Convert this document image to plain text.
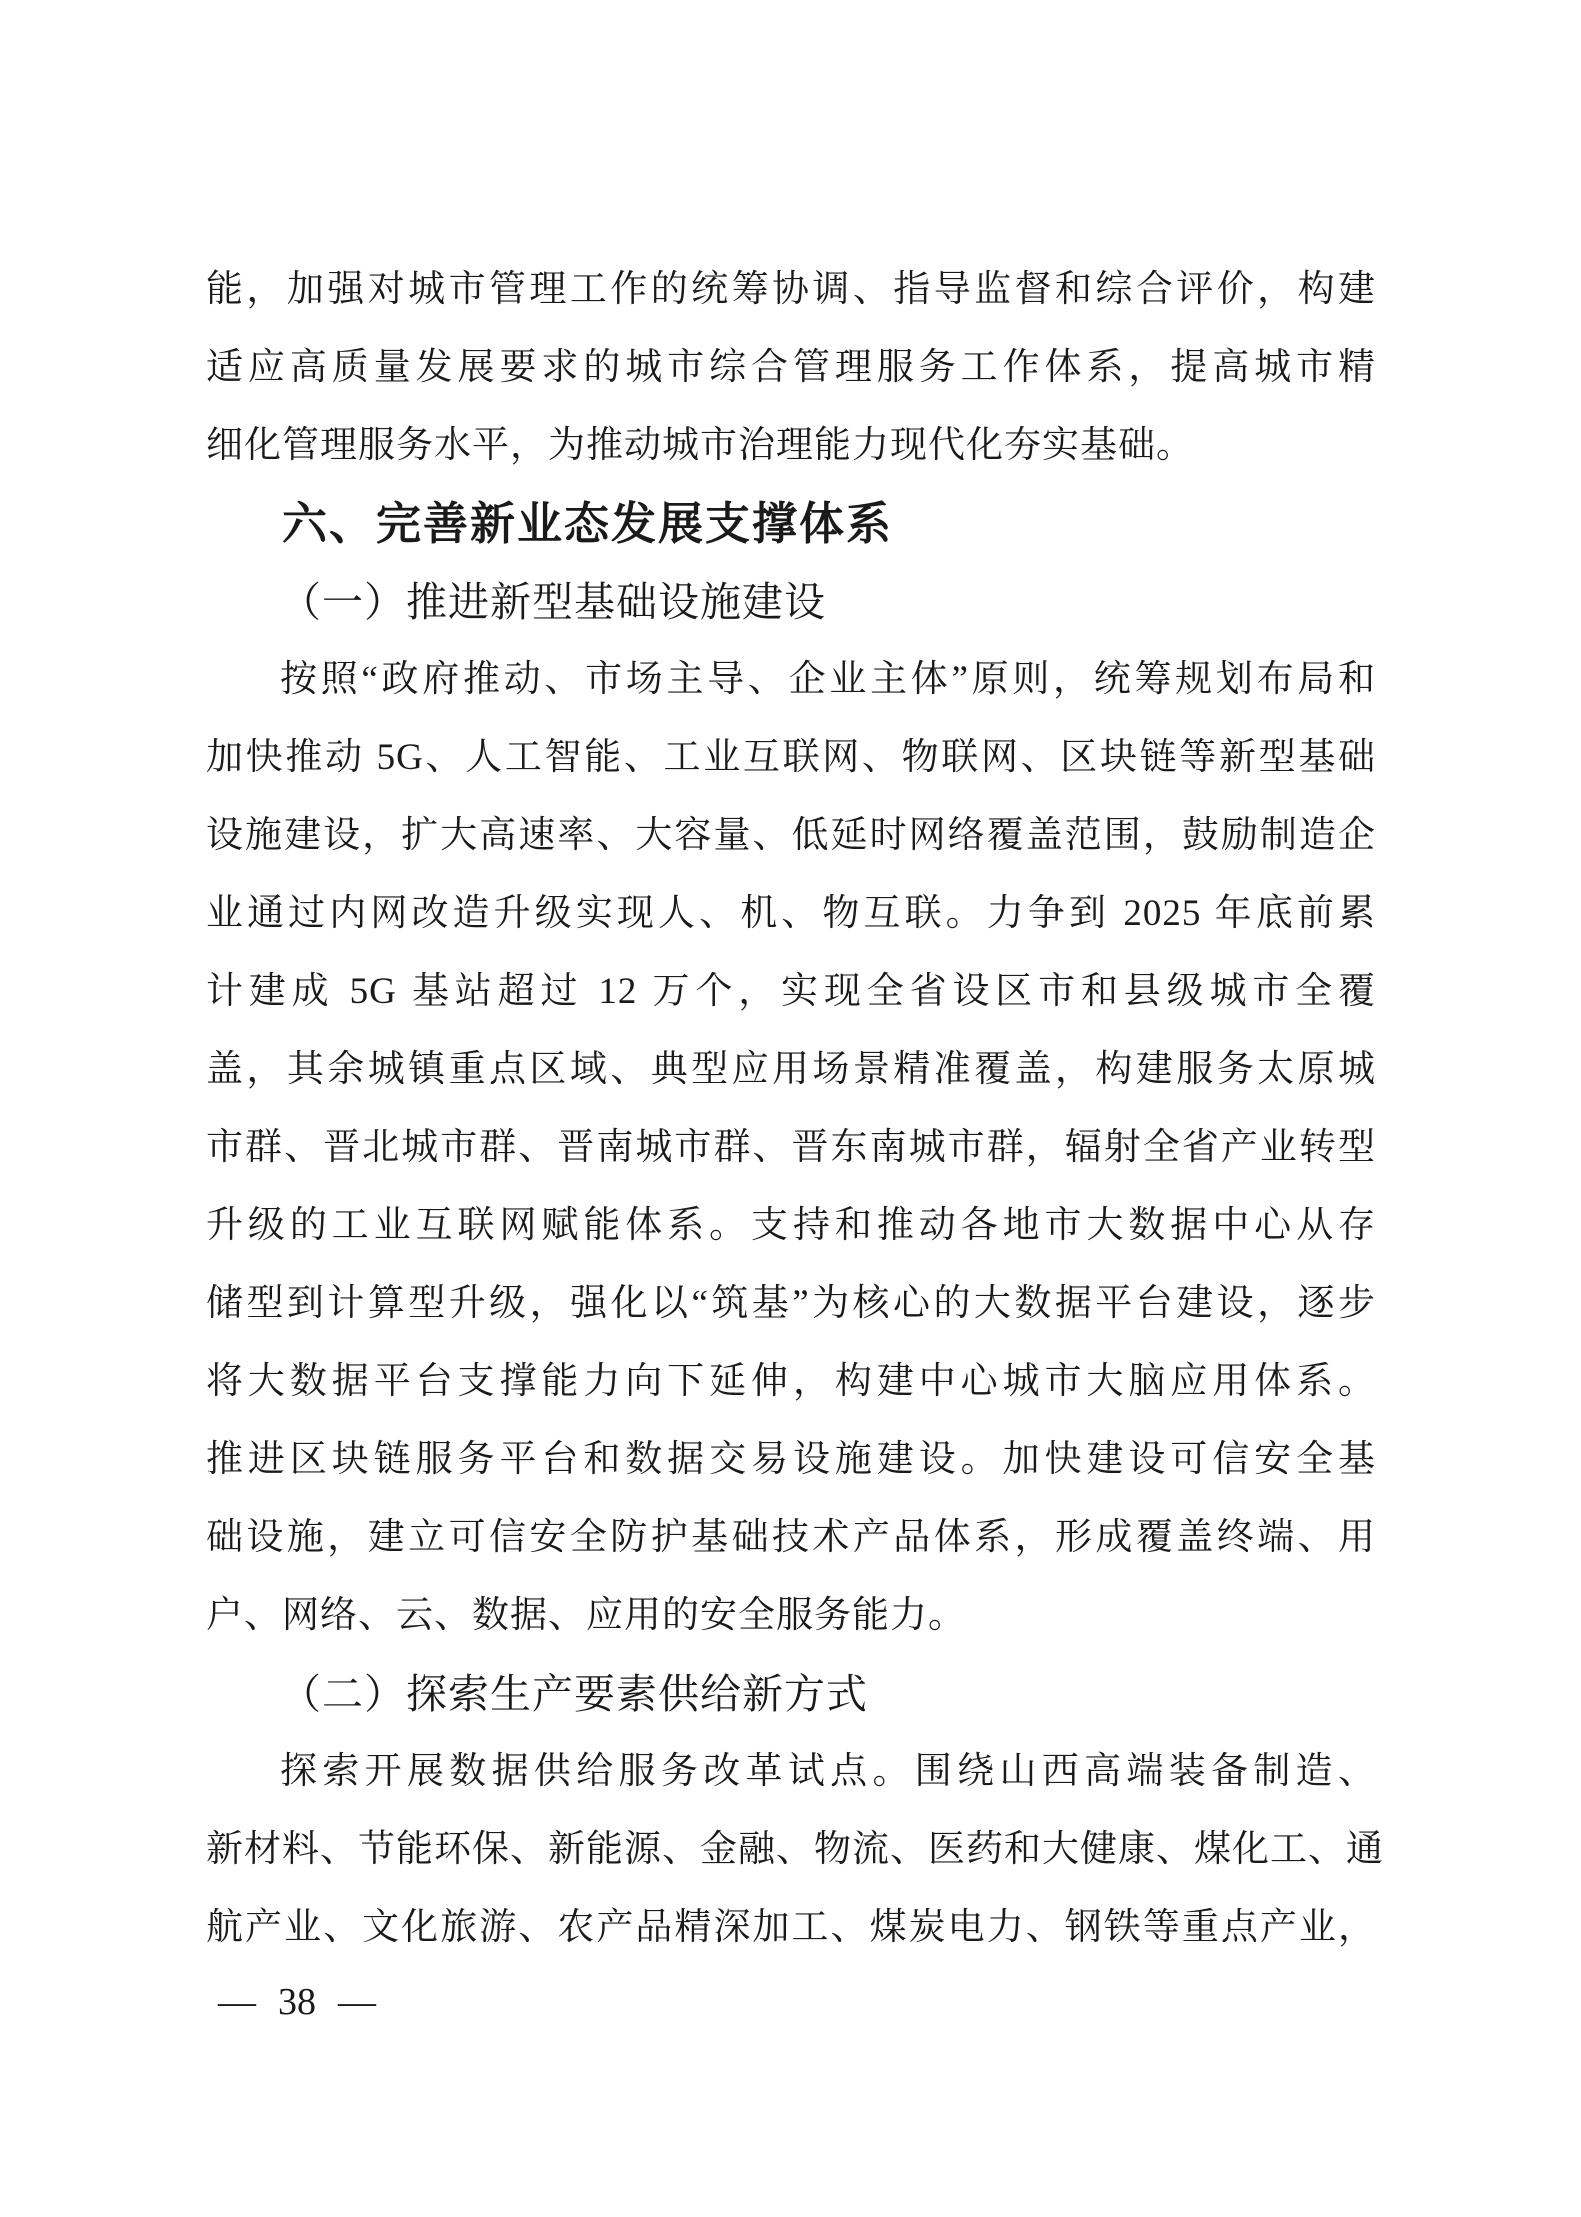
能，加强对城市管理工作的统筹协调、指导监督和综合评价，构建
适应高质量发展要求的城市综合管理服务工作体系，提高城市精
细化管理服务水平，为推动城市治理能力现代化夯实基础。
六、完善新业态发展支撑体系
（一）推进新型基础设施建设
按照“政府推动、市场主导、企业主体”原则，统筹规划布局和
加快推动 5G、人工智能、工业互联网、物联网、区块链等新型基础
设施建设，扩大高速率、大容量、低延时网络覆盖范围，鼓励制造企
业通过内网改造升级实现人、机、物互联。力争到 2025 年底前累
计建成 5G 基站超过 12 万个，实现全省设区市和县级城市全覆
盖，其余城镇重点区域、典型应用场景精准覆盖，构建服务太原城
市群、晋北城市群、晋南城市群、晋东南城市群，辐射全省产业转型
升级的工业互联网赋能体系。支持和推动各地市大数据中心从存
储型到计算型升级，强化以“筑基”为核心的大数据平台建设，逐步
将大数据平台支撑能力向下延伸，构建中心城市大脑应用体系。
推进区块链服务平台和数据交易设施建设。加快建设可信安全基
础设施，建立可信安全防护基础技术产品体系，形成覆盖终端、用
户、网络、云、数据、应用的安全服务能力。
（二）探索生产要素供给新方式
探索开展数据供给服务改革试点。围绕山西高端装备制造、
新材料、节能环保、新能源、金融、物流、医药和大健康、煤化工、通
航产业、文化旅游、农产品精深加工、煤炭电力、钢铁等重点产业，
— 38 —
